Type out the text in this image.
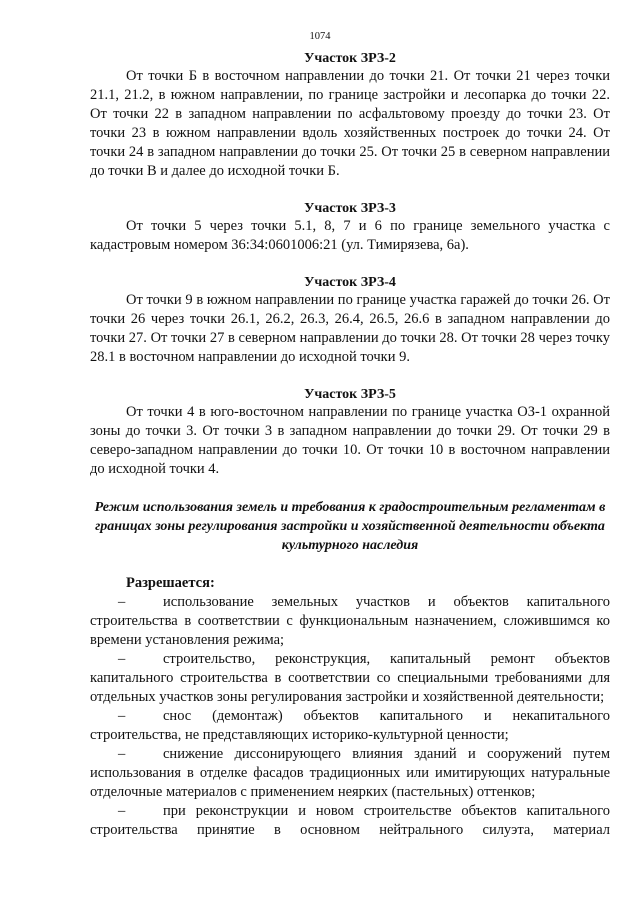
1074
Участок ЗРЗ-2

От точки Б в восточном направлении до точки 21. От точки 21 через точки 21.1, 21.2, в южном направлении, по границе застройки и лесопарка до точки 22. От точки 22 в западном направлении по асфальтовому проезду до точки 23. От точки 23 в южном направлении вдоль хозяйственных построек до точки 24. От точки 24 в западном направлении до точки 25. От точки 25 в северном направлении до точки В и далее до исходной точки Б.

Участок ЗРЗ-3

От точки 5 через точки 5.1, 8, 7 и 6 по границе земельного участка с кадастровым номером 36:34:0601006:21 (ул. Тимирязева, 6а).

Участок ЗРЗ-4

От точки 9 в южном направлении по границе участка гаражей до точки 26. От точки 26 через точки 26.1, 26.2, 26.3, 26.4, 26.5, 26.6 в западном направлении до точки 27. От точки 27 в северном направлении до точки 28. От точки 28 через точку 28.1 в восточном направлении до исходной точки 9.

Участок ЗРЗ-5

От точки 4 в юго-восточном направлении по границе участка ОЗ-1 охранной зоны до точки 3. От точки 3 в западном направлении до точки 29. От точки 29 в северо-западном направлении до точки 10. От точки 10 в восточном направлении до исходной точки 4.

Режим использования земель и требования к градостроительным регламентам в границах зоны регулирования застройки и хозяйственной деятельности объекта культурного наследия
Разрешается:

–	использование земельных участков и объектов капитального строительства в соответствии с функциональным назначением, сложившимся ко времени установления режима;

–	строительство, реконструкция, капитальный ремонт объектов капитального строительства в соответствии со специальными требованиями для отдельных участков зоны регулирования застройки и хозяйственной деятельности;

–	снос (демонтаж) объектов капитального и некапитального строительства, не представляющих историко-культурной ценности;

–	снижение диссонирующего влияния зданий и сооружений путем использования в отделке фасадов традиционных или имитирующих натуральные отделочные материалов с применением неярких (пастельных) оттенков;

–	при реконструкции и новом строительстве объектов капитального строительства принятие в основном нейтрального силуэта, материал
